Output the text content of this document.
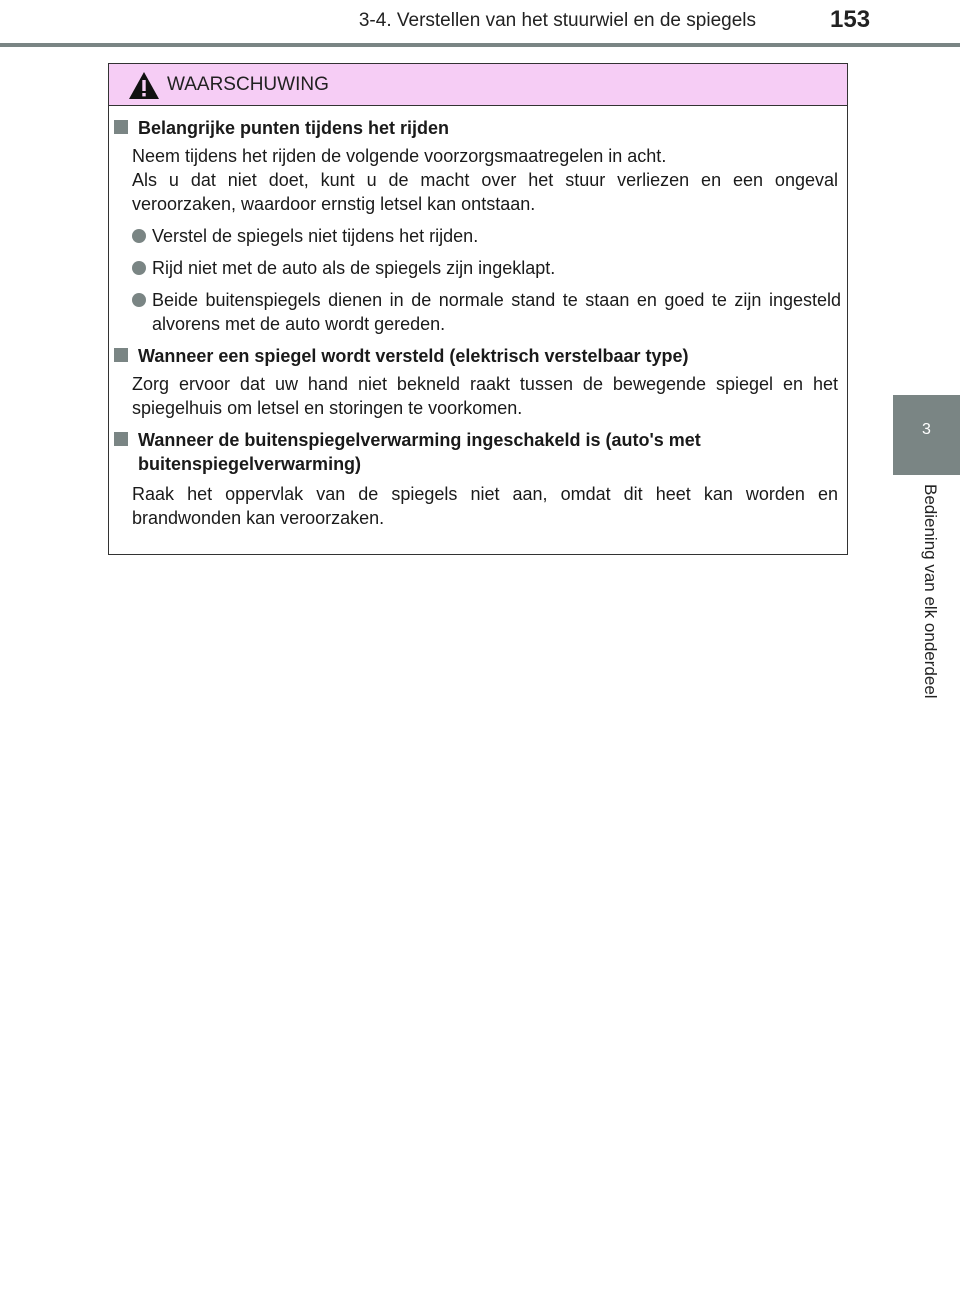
3-4. Verstellen van het stuurwiel en de spiegels	153
3
Bediening van elk onderdeel
WAARSCHUWING
Belangrijke punten tijdens het rijden
Neem tijdens het rijden de volgende voorzorgsmaatregelen in acht.
Als u dat niet doet, kunt u de macht over het stuur verliezen en een ongeval veroorzaken, waardoor ernstig letsel kan ontstaan.
Verstel de spiegels niet tijdens het rijden.
Rijd niet met de auto als de spiegels zijn ingeklapt.
Beide buitenspiegels dienen in de normale stand te staan en goed te zijn ingesteld alvorens met de auto wordt gereden.
Wanneer een spiegel wordt versteld (elektrisch verstelbaar type)
Zorg ervoor dat uw hand niet bekneld raakt tussen de bewegende spiegel en het spiegelhuis om letsel en storingen te voorkomen.
Wanneer de buitenspiegelverwarming ingeschakeld is (auto's met buitenspiegelverwarming)
Raak het oppervlak van de spiegels niet aan, omdat dit heet kan worden en brandwonden kan veroorzaken.
